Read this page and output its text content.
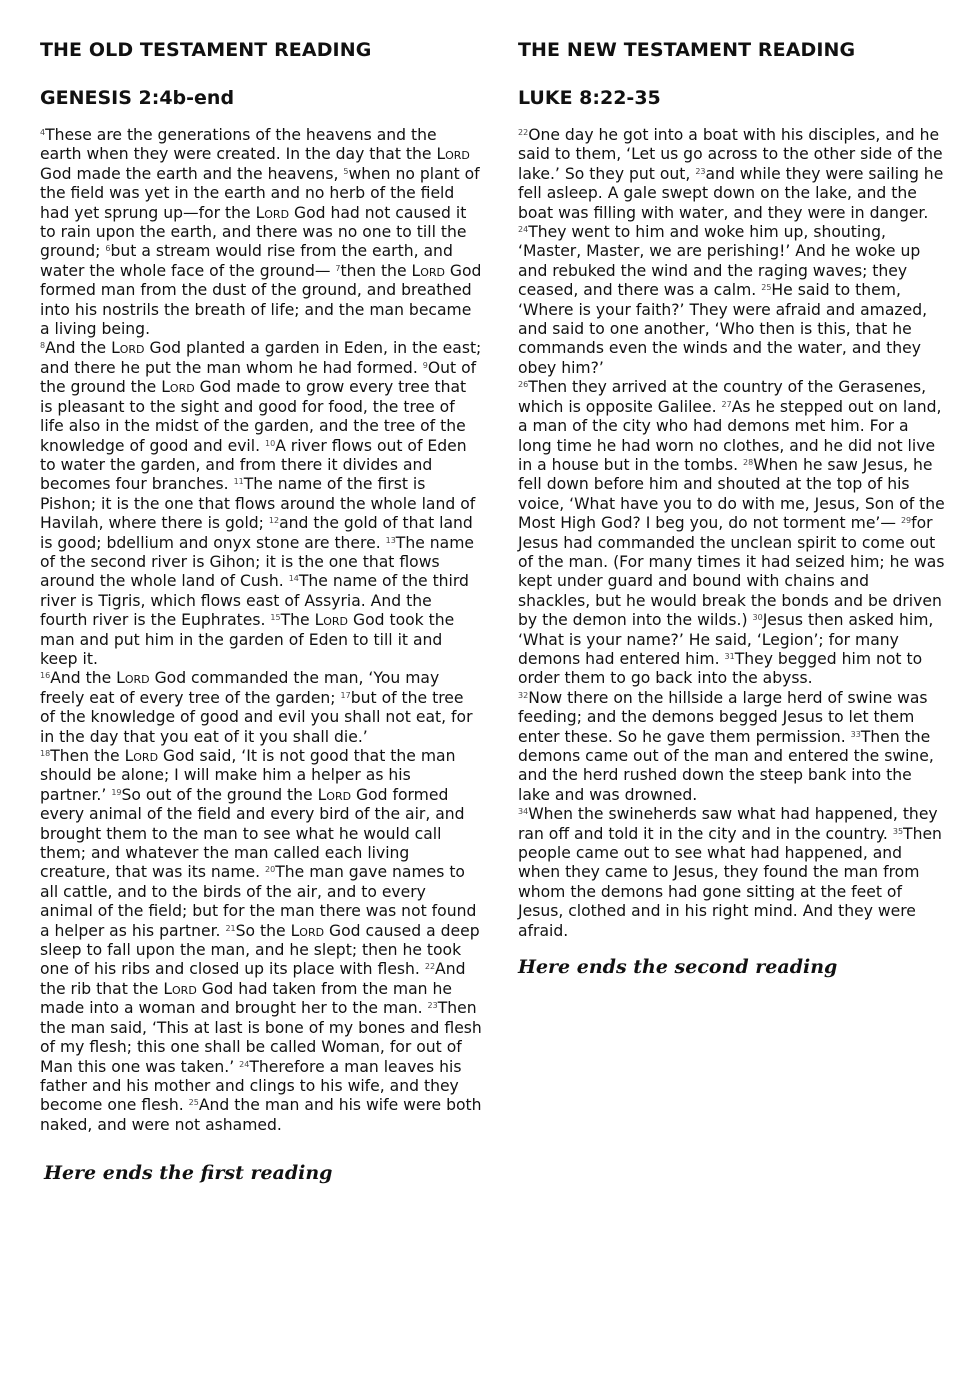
THE OLD TESTAMENT READING
GENESIS 2:4b-end

$^4$These are the generations of the heavens and the earth when they were created. In the day that the Lord God made the earth and the heavens, $^5$when no plant of the field was yet in the earth and no herb of the field had yet sprung up—for the Lord God had not caused it to rain upon the earth, and there was no one to till the ground; $^6$but a stream would rise from the earth, and water the whole face of the ground— $^7$then the Lord God formed man from the dust of the ground, and breathed into his nostrils the breath of life; and the man became a living being.

$^8$And the Lord God planted a garden in Eden, in the east; and there he put the man whom he had formed. $^9$Out of the ground the Lord God made to grow every tree that is pleasant to the sight and good for food, the tree of life also in the midst of the garden, and the tree of the knowledge of good and evil. $^{10}$A river flows out of Eden to water the garden, and from there it divides and becomes four branches. $^{11}$The name of the first is Pishon; it is the one that flows around the whole land of Havilah, where there is gold; $^{12}$and the gold of that land is good; bdellium and onyx stone are there. $^{13}$The name of the second river is Gihon; it is the one that flows around the whole land of Cush. $^{14}$The name of the third river is Tigris, which flows east of Assyria. And the fourth river is the Euphrates. $^{15}$The Lord God took the man and put him in the garden of Eden to till it and keep it.

$^{16}$And the Lord God commanded the man, ‘You may freely eat of every tree of the garden; $^{17}$but of the tree of the knowledge of good and evil you shall not eat, for in the day that you eat of it you shall die.’

$^{18}$Then the Lord God said, ‘It is not good that the man should be alone; I will make him a helper as his partner.’ $^{19}$So out of the ground the Lord God formed every animal of the field and every bird of the air, and brought them to the man to see what he would call them; and whatever the man called each living creature, that was its name. $^{20}$The man gave names to all cattle, and to the birds of the air, and to every animal of the field; but for the man there was not found a helper as his partner. $^{21}$So the Lord God caused a deep sleep to fall upon the man, and he slept; then he took one of his ribs and closed up its place with flesh. $^{22}$And the rib that the Lord God had taken from the man he made into a woman and brought her to the man. $^{23}$Then the man said, ‘This at last is bone of my bones and flesh of my flesh; this one shall be called Woman, for out of Man this one was taken.’ $^{24}$Therefore a man leaves his father and his mother and clings to his wife, and they become one flesh. $^{25}$And the man and his wife were both naked, and were not ashamed.

Here ends the first reading
THE NEW TESTAMENT READING
LUKE 8:22-35

$^{22}$One day he got into a boat with his disciples, and he said to them, ‘Let us go across to the other side of the lake.’ So they put out, $^{23}$and while they were sailing he fell asleep. A gale swept down on the lake, and the boat was filling with water, and they were in danger. $^{24}$They went to him and woke him up, shouting, ‘Master, Master, we are perishing!’ And he woke up and rebuked the wind and the raging waves; they ceased, and there was a calm. $^{25}$He said to them, ‘Where is your faith?’ They were afraid and amazed, and said to one another, ‘Who then is this, that he commands even the winds and the water, and they obey him?’

$^{26}$Then they arrived at the country of the Gerasenes, which is opposite Galilee. $^{27}$As he stepped out on land, a man of the city who had demons met him. For a long time he had worn no clothes, and he did not live in a house but in the tombs. $^{28}$When he saw Jesus, he fell down before him and shouted at the top of his voice, ‘What have you to do with me, Jesus, Son of the Most High God? I beg you, do not torment me’— $^{29}$for Jesus had commanded the unclean spirit to come out of the man. (For many times it had seized him; he was kept under guard and bound with chains and shackles, but he would break the bonds and be driven by the demon into the wilds.) $^{30}$Jesus then asked him, ‘What is your name?’ He said, ‘Legion’; for many demons had entered him. $^{31}$They begged him not to order them to go back into the abyss.

$^{32}$Now there on the hillside a large herd of swine was feeding; and the demons begged Jesus to let them enter these. So he gave them permission. $^{33}$Then the demons came out of the man and entered the swine, and the herd rushed down the steep bank into the lake and was drowned.

$^{34}$When the swineherds saw what had happened, they ran off and told it in the city and in the country. $^{35}$Then people came out to see what had happened, and when they came to Jesus, they found the man from whom the demons had gone sitting at the feet of Jesus, clothed and in his right mind. And they were afraid.

Here ends the second reading
